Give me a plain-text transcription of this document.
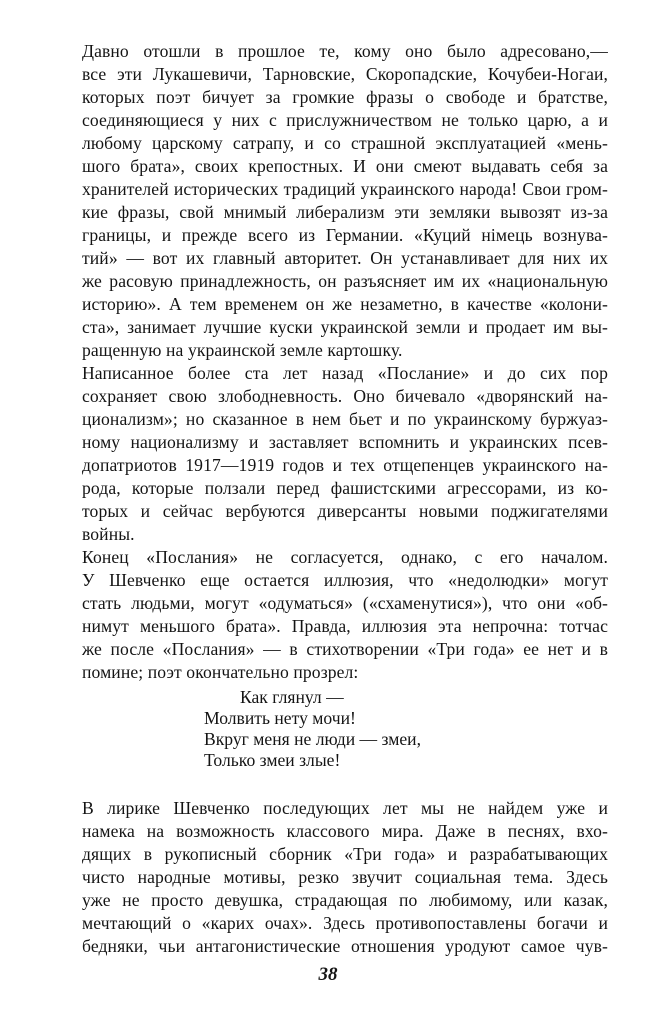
Давно отошли в прошлое те, кому оно было адресовано,—
все эти Лукашевичи, Тарновские, Скоропадские, Кочубеи-Ногаи,
которых поэт бичует за громкие фразы о свободе и братстве,
соединяющиеся у них с прислужничеством не только царю, а и
любому царскому сатрапу, и со страшной эксплуатацией «мень-
шого брата», своих крепостных. И они смеют выдавать себя за
хранителей исторических традиций украинского народа! Свои гром-
кие фразы, свой мнимый либерализм эти земляки вывозят из-за
границы, и прежде всего из Германии. «Куций німець вознува-
тий» — вот их главный авторитет. Он устанавливает для них их
же расовую принадлежность, он разъясняет им их «национальную
историю». А тем временем он же незаметно, в качестве «колони-
ста», занимает лучшие куски украинской земли и продает им вы-
ращенную на украинской земле картошку.
Написанное более ста лет назад «Послание» и до сих пор
сохраняет свою злободневность. Оно бичевало «дворянский на-
ционализм»; но сказанное в нем бьет и по украинскому буржуаз-
ному национализму и заставляет вспомнить и украинских псев-
допатриотов 1917—1919 годов и тех отщепенцев украинского на-
рода, которые ползали перед фашистскими агрессорами, из ко-
торых и сейчас вербуются диверсанты новыми поджигателями
войны.
Конец «Послания» не согласуется, однако, с его началом.
У Шевченко еще остается иллюзия, что «недолюдки» могут
стать людьми, могут «одуматься» («схаменутися»), что они «об-
нимут меньшого брата». Правда, иллюзия эта непрочна: тотчас
же после «Послания» — в стихотворении «Три года» ее нет и в
помине; поэт окончательно прозрел:
Как глянул —
Молвить нету мочи!
Вкруг меня не люди — змеи,
Только змеи злые!
В лирике Шевченко последующих лет мы не найдем уже и
намека на возможность классового мира. Даже в песнях, вхо-
дящих в рукописный сборник «Три года» и разрабатывающих
чисто народные мотивы, резко звучит социальная тема. Здесь
уже не просто девушка, страдающая по любимому, или казак,
мечтающий о «карих очах». Здесь противопоставлены богачи и
бедняки, чьи антагонистические отношения уродуют самое чув-
38
